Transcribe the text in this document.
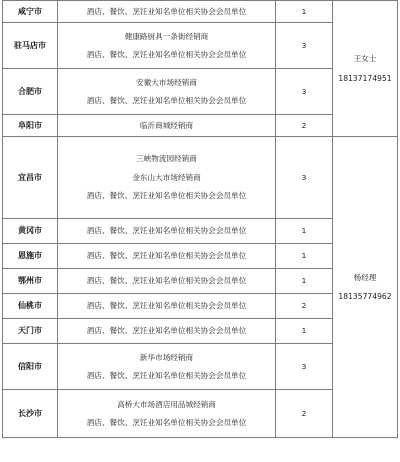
咸宁市	酒店、餐饮、烹饪业知名单位相关协会会员单位	1	王女士
18137174951

驻马店市	健康路厨具一条街经销商
酒店、餐饮、烹饪业知名单位相关协会会员单位	3	
合肥市	安徽大市场经销商
酒店、餐饮、烹饪业知名单位相关协会会员单位	3	
阜阳市	临沂商城经销商	2	
宜昌市	三峡物流园经销商
金东山大市场经销商
酒店、餐饮、烹饪业知名单位相关协会会员单位	3	杨经理
18135774962

黄冈市	酒店、餐饮、烹饪业知名单位相关协会会员单位	1	
恩施市	酒店、餐饮、烹饪业知名单位相关协会会员单位	1	
鄂州市	酒店、餐饮、烹饪业知名单位相关协会会员单位	1	
仙桃市	酒店、餐饮、烹饪业知名单位相关协会会员单位	2	
天门市	酒店、餐饮、烹饪业知名单位相关协会会员单位	1	
信阳市	新华市场经销商
酒店、餐饮、烹饪业知名单位相关协会会员单位	3	
长沙市	高桥大市场酒店用品城经销商
酒店、餐饮、烹饪业知名单位相关协会会员单位	2	
